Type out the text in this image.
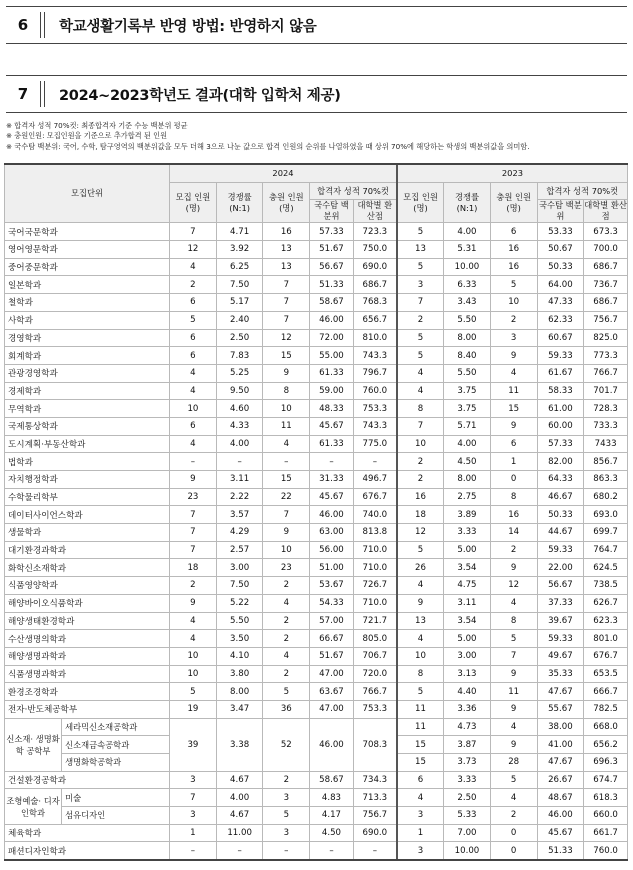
6	학교생활기록부 반영 방법: 반영하지 않음
7	2024~2023학년도 결과(대학 입학처 제공)
※ 합격자 성적 70%컷: 최종합격자 기준 수능 백분위 평균
※ 충원인원: 모집인원을 기준으로 추가합격 된 인원
※ 국수탐 백분위: 국어, 수학, 탐구영역의 백분위값을 모두 더해 3으로 나눈 값으로 합격 인원의 순위를 나열하였을 때 상위 70%에 해당하는 학생의 백분위값을 의미함.
모집단위		2024					2023				
		모집 인원 (명)	경쟁률 (N:1)	충원 인원 (명)	합격자 성적 70%컷		모집 인원 (명)	경쟁률 (N:1)	충원 인원 (명)	합격자 성적 70%컷	
					국수탐 백분위	대학별 환산점				국수탐 백분위	대학별 환산점
국어국문학과		7	4.71	16	57.33	723.3	5	4.00	6	53.33	673.3
영어영문학과		12	3.92	13	51.67	750.0	13	5.31	16	50.67	700.0
중어중문학과		4	6.25	13	56.67	690.0	5	10.00	16	50.33	686.7
일본학과		2	7.50	7	51.33	686.7	3	6.33	5	64.00	736.7
철학과		6	5.17	7	58.67	768.3	7	3.43	10	47.33	686.7
사학과		5	2.40	7	46.00	656.7	2	5.50	2	62.33	756.7
경영학과		6	2.50	12	72.00	810.0	5	8.00	3	60.67	825.0
회계학과		6	7.83	15	55.00	743.3	5	8.40	9	59.33	773.3
관광경영학과		4	5.25	9	61.33	796.7	4	5.50	4	61.67	766.7
경제학과		4	9.50	8	59.00	760.0	4	3.75	11	58.33	701.7
무역학과		10	4.60	10	48.33	753.3	8	3.75	15	61.00	728.3
국제통상학과		6	4.33	11	45.67	743.3	7	5.71	9	60.00	733.3
도시계획·부동산학과		4	4.00	4	61.33	775.0	10	4.00	6	57.33	7433
법학과		–	–	–	–	–	2	4.50	1	82.00	856.7
자치행정학과		9	3.11	15	31.33	496.7	2	8.00	0	64.33	863.3
수학물리학부		23	2.22	22	45.67	676.7	16	2.75	8	46.67	680.2
데이터사이언스학과		7	3.57	7	46.00	740.0	18	3.89	16	50.33	693.0
생물학과		7	4.29	9	63.00	813.8	12	3.33	14	44.67	699.7
대기환경과학과		7	2.57	10	56.00	710.0	5	5.00	2	59.33	764.7
화학신소재학과		18	3.00	23	51.00	710.0	26	3.54	9	22.00	624.5
식품영양학과		2	7.50	2	53.67	726.7	4	4.75	12	56.67	738.5
해양바이오식품학과		9	5.22	4	54.33	710.0	9	3.11	4	37.33	626.7
해양생태환경학과		4	5.50	2	57.00	721.7	13	3.54	8	39.67	623.3
수산생명의학과		4	3.50	2	66.67	805.0	4	5.00	5	59.33	801.0
해양생명과학과		10	4.10	4	51.67	706.7	10	3.00	7	49.67	676.7
식품생명과학과		10	3.80	2	47.00	720.0	8	3.13	9	35.33	653.5
환경조경학과		5	8.00	5	63.67	766.7	5	4.40	11	47.67	666.7
전자·반도체공학부		19	3.47	36	47.00	753.3	11	3.36	9	55.67	782.5
신소재· 생명화학 공학부	세라믹신소재공학과	39	3.38	52	46.00	708.3	11	4.73	4	38.00	668.0
	신소재금속공학과						15	3.87	9	41.00	656.2
	생명화학공학과						15	3.73	28	47.67	696.3
건설환경공학과		3	4.67	2	58.67	734.3	6	3.33	5	26.67	674.7
조형예술· 디자인학과	미술	7	4.00	3	4.83	713.3	4	2.50	4	48.67	618.3
	섬유디자인	3	4.67	5	4.17	756.7	3	5.33	2	46.00	660.0
체육학과		1	11.00	3	4.50	690.0	1	7.00	0	45.67	661.7
패션디자인학과		–	–	–	–	–	3	10.00	0	51.33	760.0
